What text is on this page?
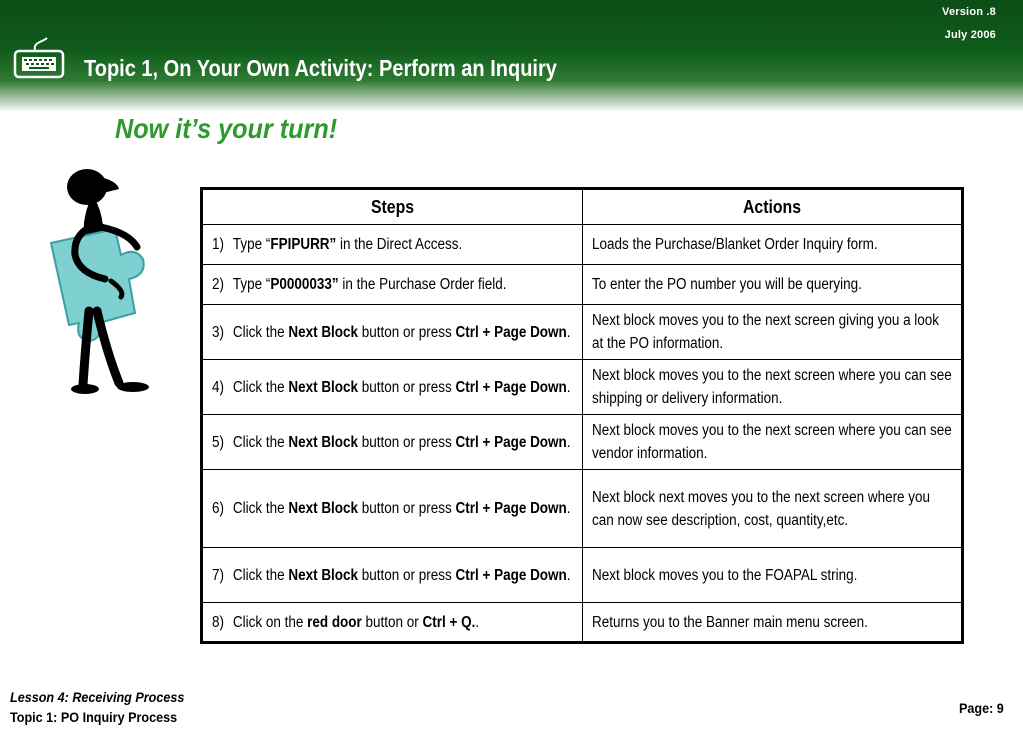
Version .8
July 2006
Topic 1, On Your Own Activity: Perform an Inquiry
Now it’s your turn!
Steps	Actions

1) Type “FPIPURR” in the Direct Access.	Loads the Purchase/Blanket Order Inquiry form.

2) Type “P0000033” in the Purchase Order field.	To enter the PO number you will be querying.

3) Click the Next Block button or press Ctrl + Page Down.	Next block moves you to the next screen giving you a look at the PO information.

4) Click the Next Block button or press Ctrl + Page Down.	Next block moves you to the next screen where you can see shipping or delivery information.

5) Click the Next Block button or press Ctrl + Page Down.	Next block moves you to the next screen where you can see vendor information.

6) Click the Next Block button or press Ctrl + Page Down.	Next block next moves you to the next screen where you can now see description, cost, quantity,etc.

7) Click the Next Block button or press Ctrl + Page Down.	Next block moves you to the FOAPAL string.

8) Click on the red door button or Ctrl + Q..	Returns you to the Banner main menu screen.
Lesson 4: Receiving Process
Topic 1: PO Inquiry Process
Page: 9
